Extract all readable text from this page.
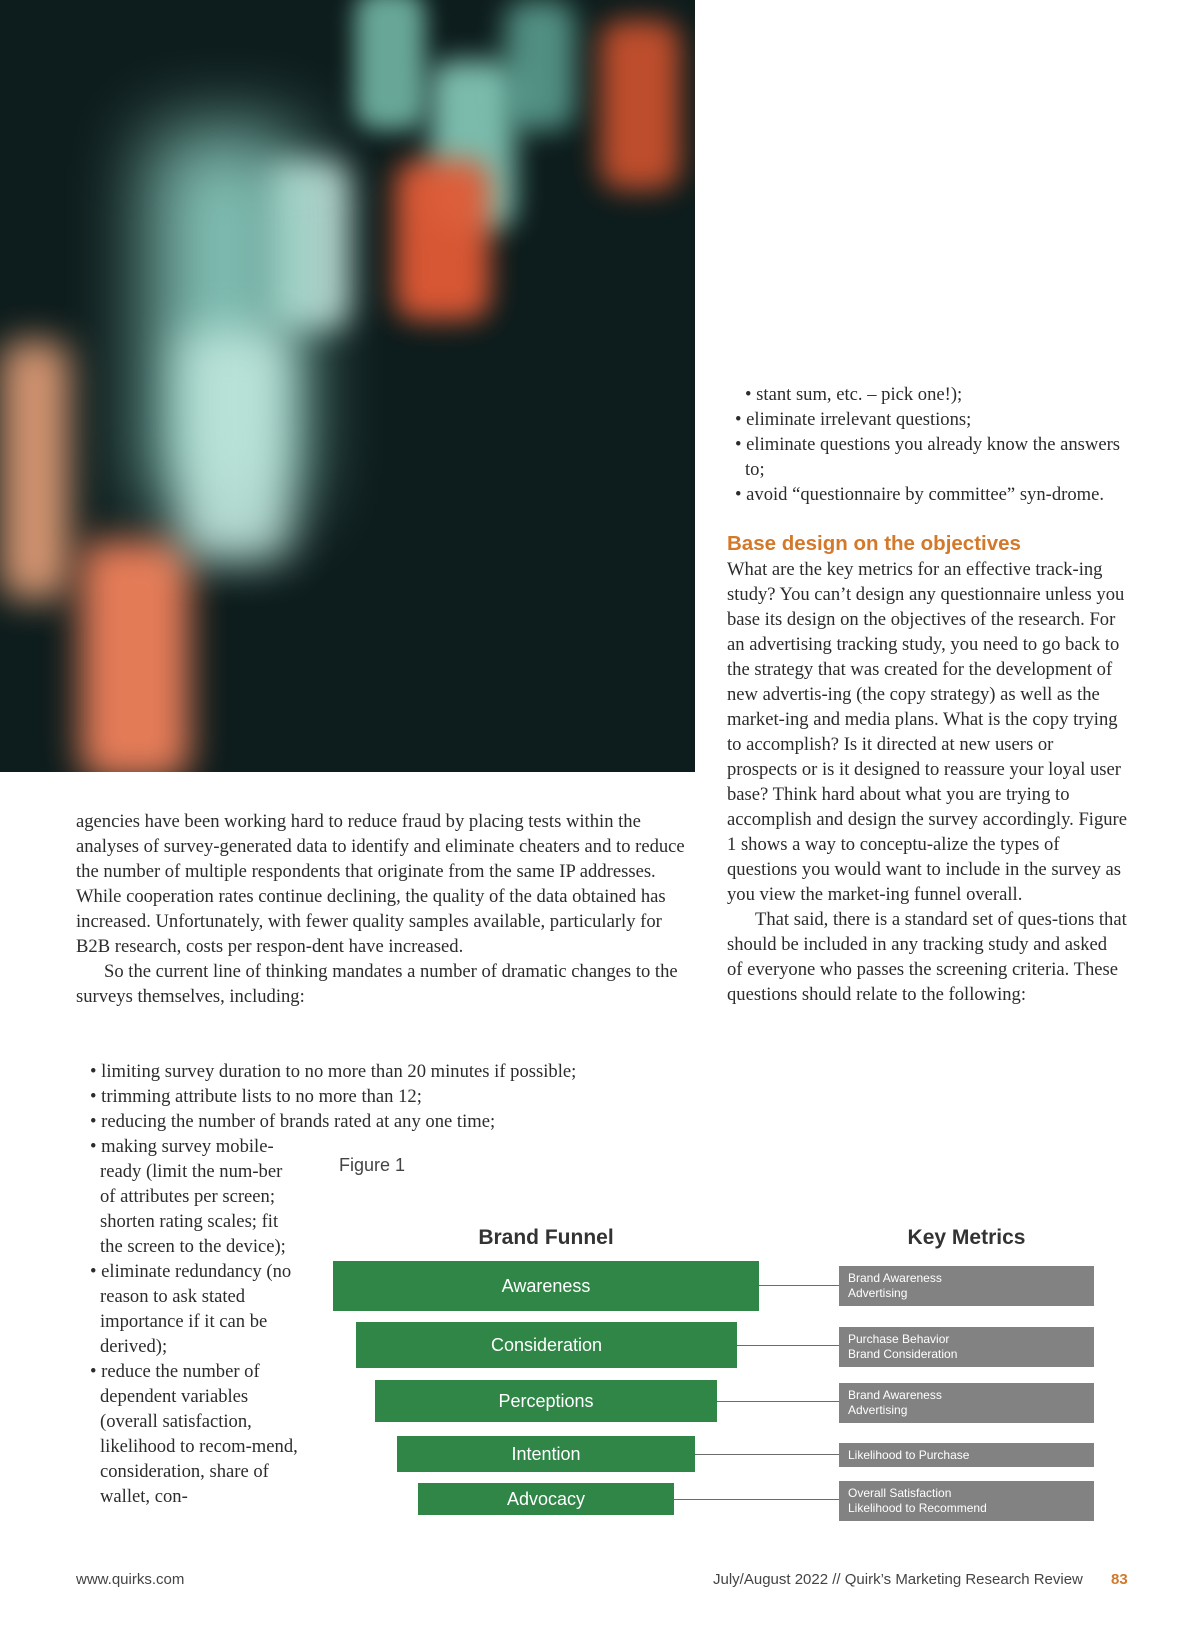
• stant sum, etc. – pick one!);
• eliminate irrelevant questions;
• eliminate questions you already know the answers to;
• avoid “questionnaire by committee” syn-drome.
Base design on the objectives

What are the key metrics for an effective track-ing study? You can’t design any questionnaire unless you base its design on the objectives of the research. For an advertising tracking study, you need to go back to the strategy that was created for the development of new advertis-ing (the copy strategy) as well as the market-ing and media plans. What is the copy trying to accomplish? Is it directed at new users or prospects or is it designed to reassure your loyal user base? Think hard about what you are trying to accomplish and design the survey accordingly. Figure 1 shows a way to conceptu-alize the types of questions you would want to include in the survey as you view the market-ing funnel overall.

That said, there is a standard set of ques-tions that should be included in any tracking study and asked of everyone who passes the screening criteria. These questions should relate to the following:

agencies have been working hard to reduce fraud by placing tests within the analyses of survey-generated data to identify and eliminate cheaters and to reduce the number of multiple respondents that originate from the same IP addresses. While cooperation rates continue declining, the quality of the data obtained has increased. Unfortunately, with fewer quality samples available, particularly for B2B research, costs per respon-dent have increased.

So the current line of thinking mandates a number of dramatic changes to the surveys themselves, including:

• limiting survey duration to no more than 20 minutes if possible;
• trimming attribute lists to no more than 12;
• reducing the number of brands rated at any one time;
• making survey mobile-ready (limit the num-ber of attributes per screen; shorten rating scales; fit the screen to the device);
• eliminate redundancy (no reason to ask stated importance if it can be derived);
• reduce the number of dependent variables (overall satisfaction, likelihood to recom-mend, consideration, share of wallet, con-
Figure 1
Brand Funnel	Key Metrics
Awareness
Consideration
Perceptions
Intention
Advocacy
Brand Awareness
Advertising
Purchase Behavior
Brand Consideration
Brand Awareness
Advertising
Likelihood to Purchase
Overall Satisfaction
Likelihood to Recommend
www.quirks.com	July/August 2022 // Quirk’s Marketing Research Review 83
